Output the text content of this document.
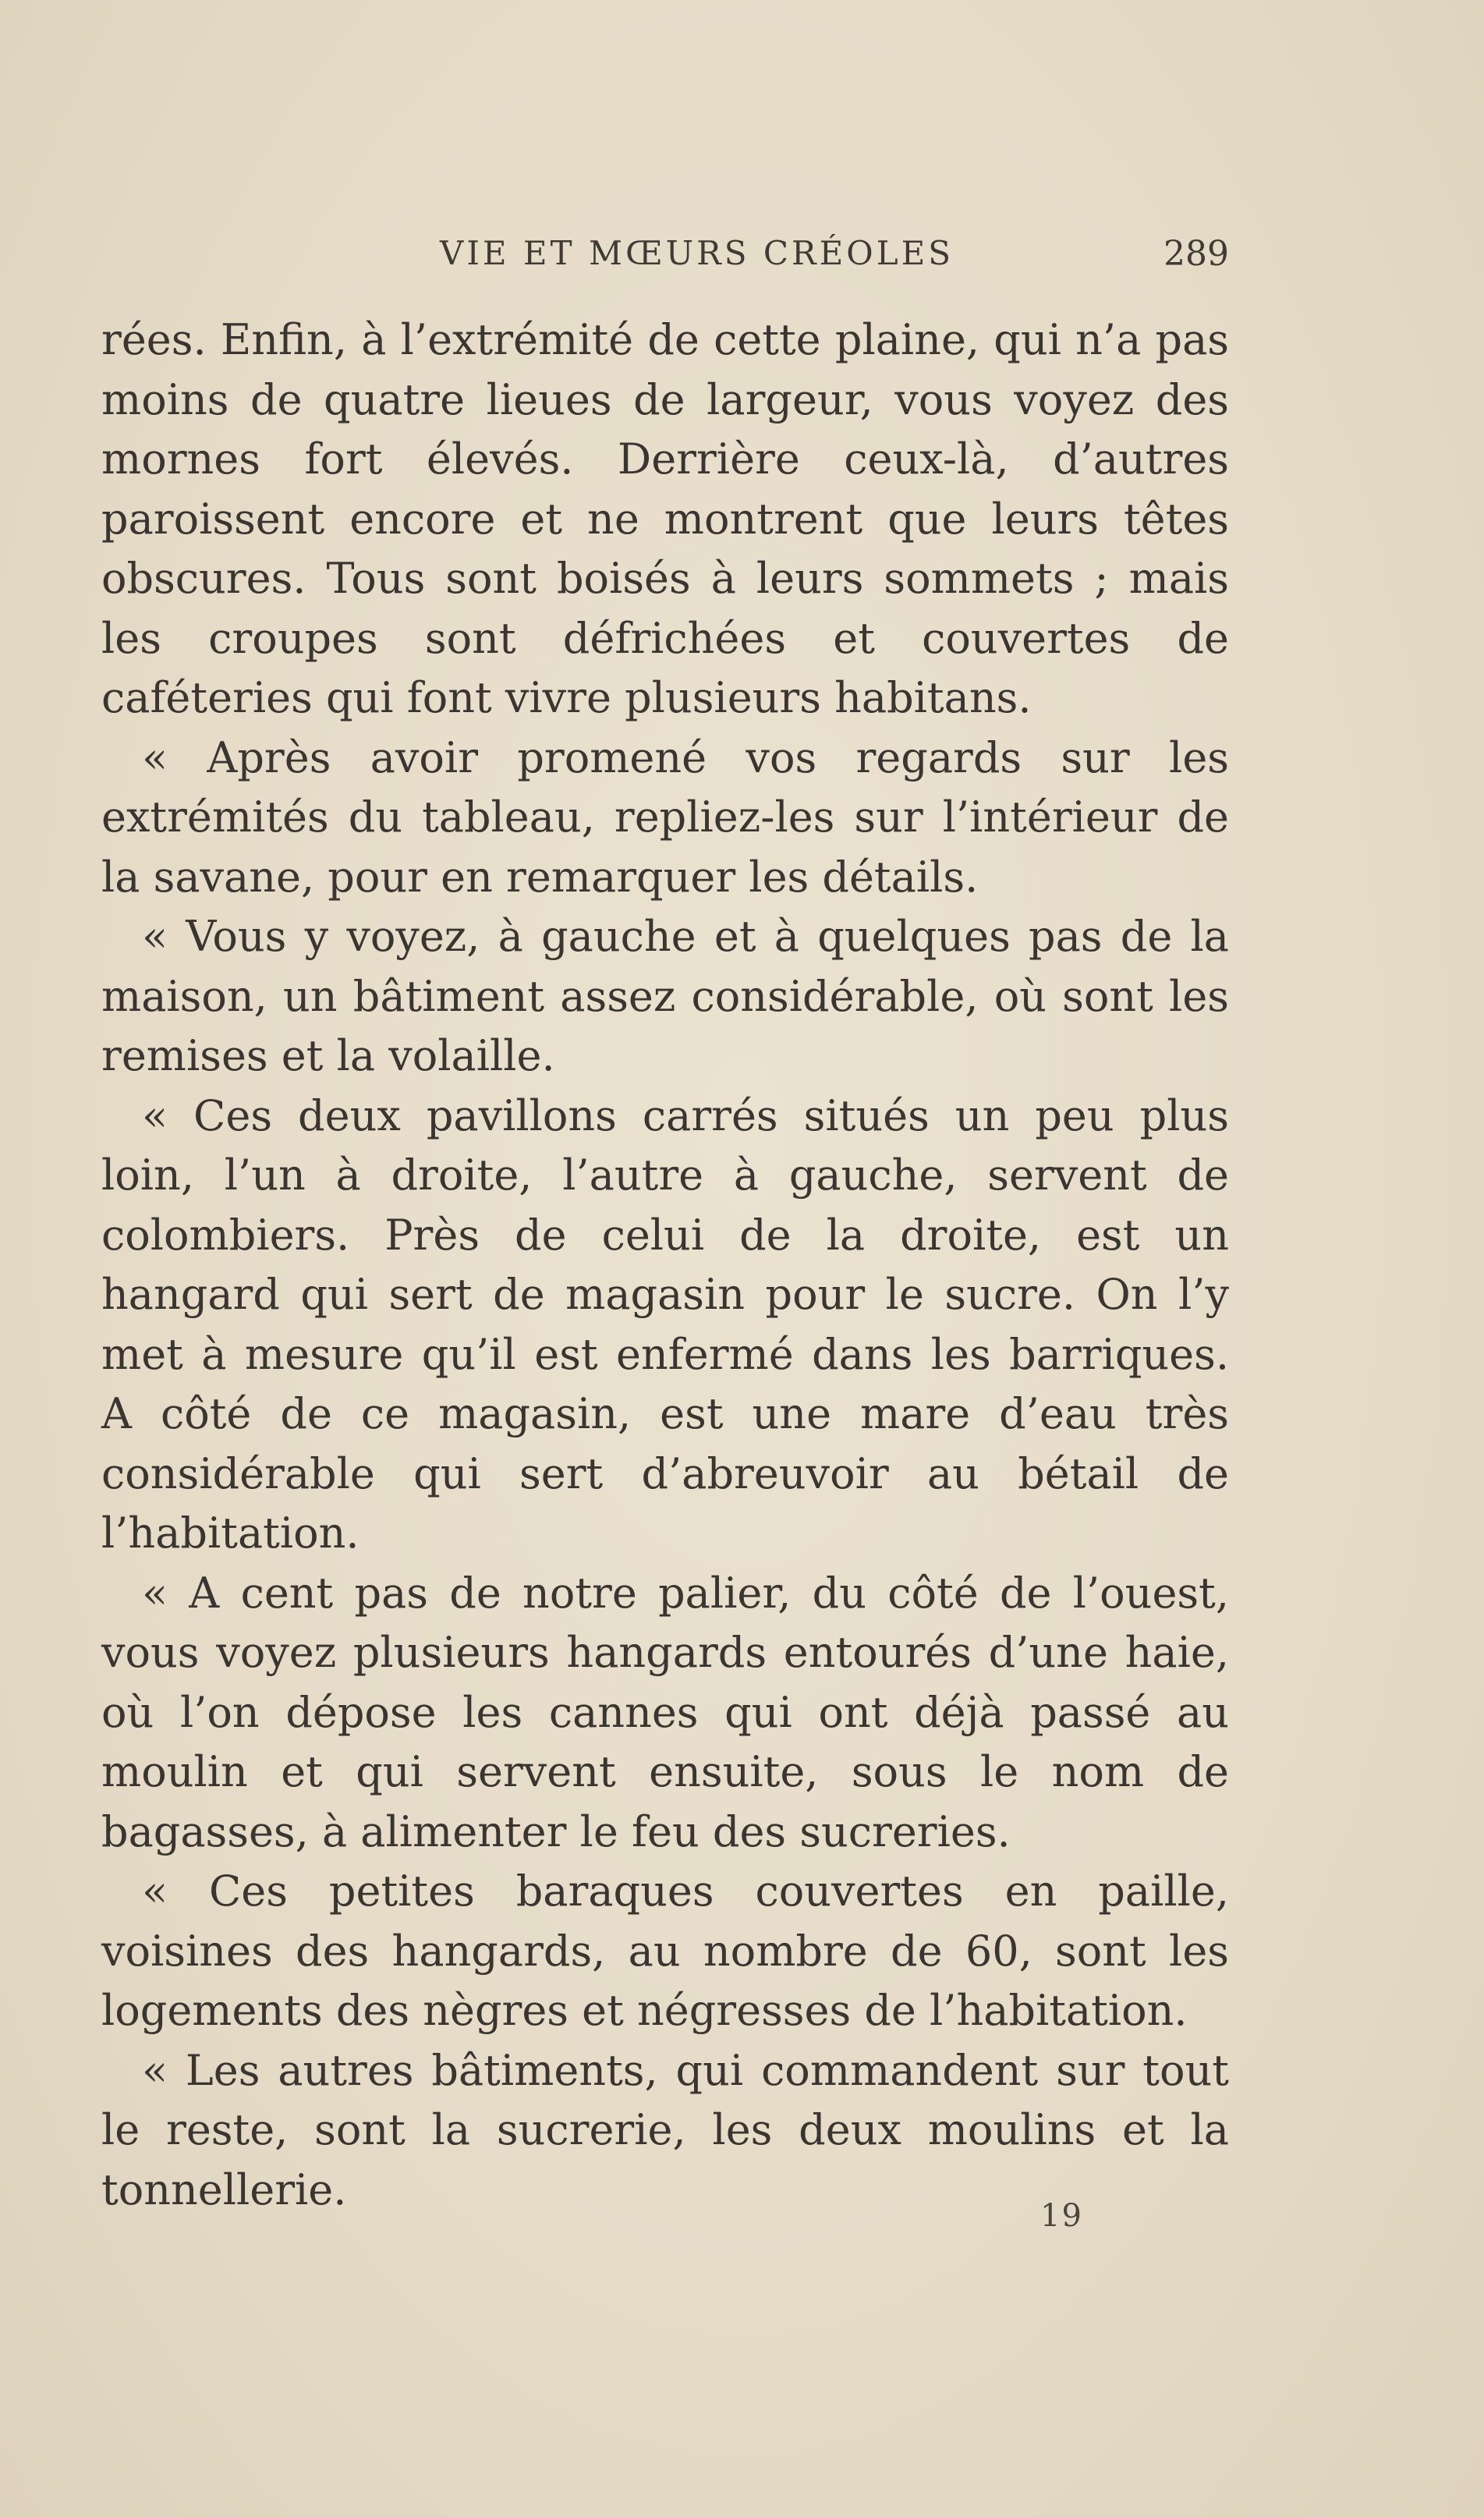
VIE ET MŒURS CRÉOLES	289

rées. Enfin, à l’extrémité de cette plaine, qui n’a pas moins de quatre lieues de largeur, vous voyez des mornes fort élevés. Derrière ceux-là, d’autres paroissent encore et ne montrent que leurs têtes obscures. Tous sont boisés à leurs sommets ; mais les croupes sont défrichées et couvertes de caféteries qui font vivre plusieurs habitans.

« Après avoir promené vos regards sur les extrémités du tableau, repliez-les sur l’intérieur de la savane, pour en remarquer les détails.

« Vous y voyez, à gauche et à quelques pas de la maison, un bâtiment assez considérable, où sont les remises et la volaille.

« Ces deux pavillons carrés situés un peu plus loin, l’un à droite, l’autre à gauche, servent de colombiers. Près de celui de la droite, est un hangard qui sert de magasin pour le sucre. On l’y met à mesure qu’il est enfermé dans les barriques. A côté de ce magasin, est une mare d’eau très considérable qui sert d’abreuvoir au bétail de l’habitation.

« A cent pas de notre palier, du côté de l’ouest, vous voyez plusieurs hangards entourés d’une haie, où l’on dépose les cannes qui ont déjà passé au moulin et qui servent ensuite, sous le nom de bagasses, à alimenter le feu des sucreries.

« Ces petites baraques couvertes en paille, voisines des hangards, au nombre de 60, sont les logements des nègres et négresses de l’habitation.

« Les autres bâtiments, qui commandent sur tout le reste, sont la sucrerie, les deux moulins et la tonnellerie.

19
